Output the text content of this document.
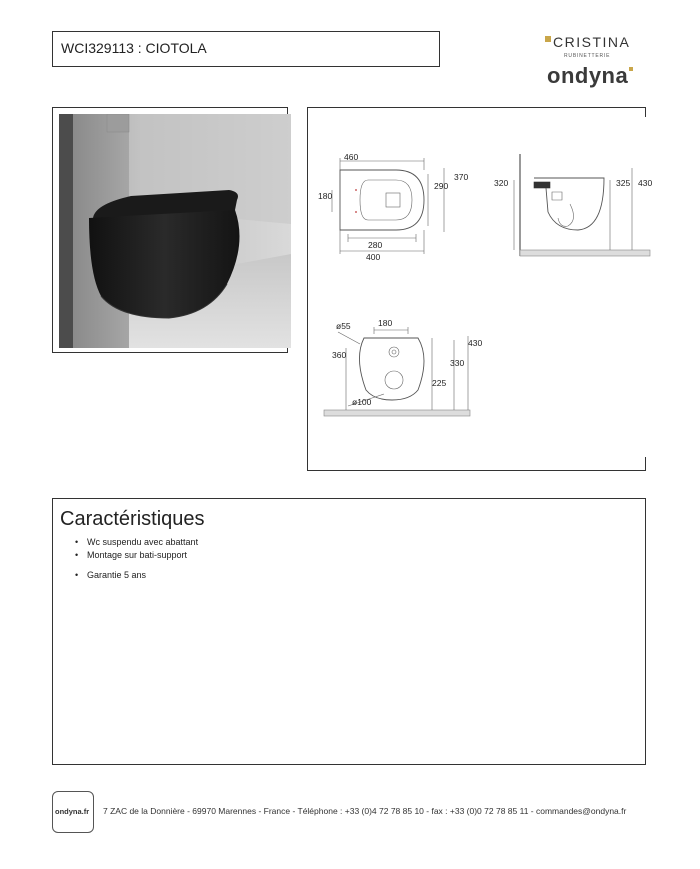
WCI329113 : CIOTOLA	CRISTINA
RUBINETTERIE
ondyna
460
180
290
370
280
400
320	325 430
ø55	180
360
430
330
225
ø100
Caractéristiques
• Wc suspendu avec abattant
• Montage sur bati-support
• Garantie 5 ans
ondyna.fr 7 ZAC de la Donnière - 69970 Marennes - France - Téléphone : +33 (0)4 72 78 85 10 - fax : +33 (0)0 72 78 85 11 - commandes@ondyna.fr
